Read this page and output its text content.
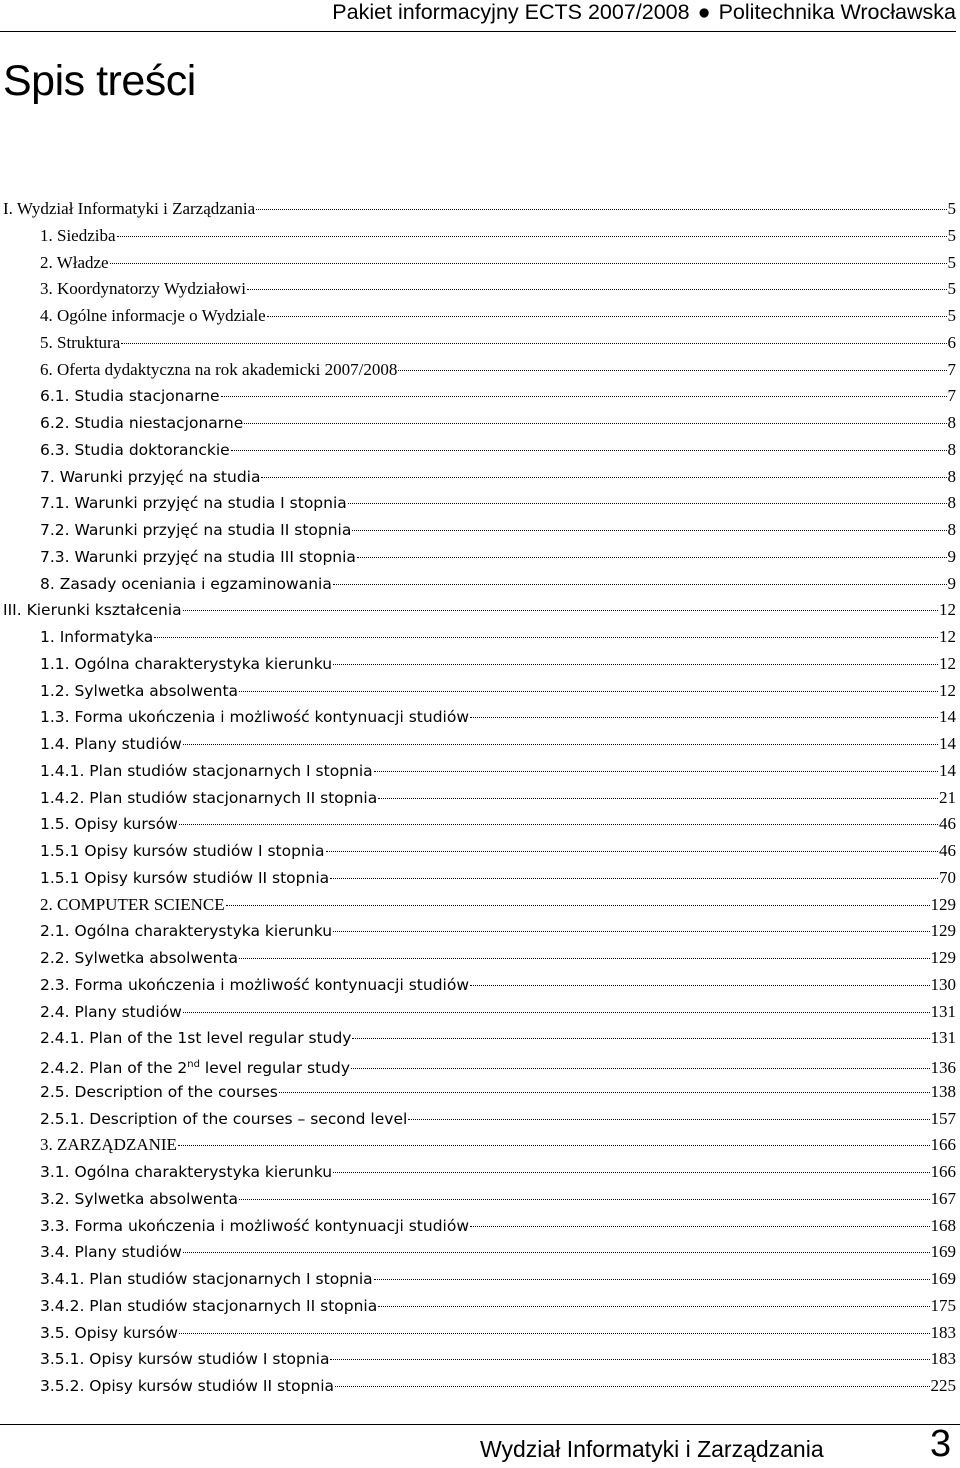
Pakiet informacyjny ECTS 2007/2008 ● Politechnika Wrocławska
Spis treści
I. Wydział Informatyki i Zarządzania	5
1. Siedziba	5
2. Władze	5
3. Koordynatorzy Wydziałowi	5
4. Ogólne informacje o Wydziale	5
5. Struktura	6
6. Oferta dydaktyczna na rok akademicki 2007/2008	7
6.1. Studia stacjonarne	7
6.2. Studia niestacjonarne	8
6.3. Studia doktoranckie	8
7. Warunki przyjęć na studia	8
7.1. Warunki przyjęć na studia I stopnia	8
7.2. Warunki przyjęć na studia II stopnia	8
7.3. Warunki przyjęć na studia III stopnia	9
8. Zasady oceniania i egzaminowania	9
III. Kierunki kształcenia	12
1. Informatyka	12
1.1. Ogólna charakterystyka kierunku	12
1.2. Sylwetka absolwenta	12
1.3. Forma ukończenia i możliwość kontynuacji studiów	14
1.4. Plany studiów	14
1.4.1. Plan studiów stacjonarnych I stopnia	14
1.4.2. Plan studiów stacjonarnych II stopnia	21
1.5. Opisy kursów	46
1.5.1 Opisy kursów studiów I stopnia	46
1.5.1 Opisy kursów studiów II stopnia	70
2. COMPUTER SCIENCE	129
2.1. Ogólna charakterystyka kierunku	129
2.2. Sylwetka absolwenta	129
2.3. Forma ukończenia i możliwość kontynuacji studiów	130
2.4. Plany studiów	131
2.4.1. Plan of the 1st level regular study	131
2.4.2. Plan of the 2nd level regular study	136
2.5. Description of the courses	138
2.5.1. Description of the courses – second level	157
3. ZARZĄDZANIE	166
3.1. Ogólna charakterystyka kierunku	166
3.2. Sylwetka absolwenta	167
3.3. Forma ukończenia i możliwość kontynuacji studiów	168
3.4. Plany studiów	169
3.4.1. Plan studiów stacjonarnych I stopnia	169
3.4.2. Plan studiów stacjonarnych II stopnia	175
3.5. Opisy kursów	183
3.5.1. Opisy kursów studiów I stopnia	183
3.5.2. Opisy kursów studiów II stopnia	225
Wydział Informatyki i Zarządzania	3
